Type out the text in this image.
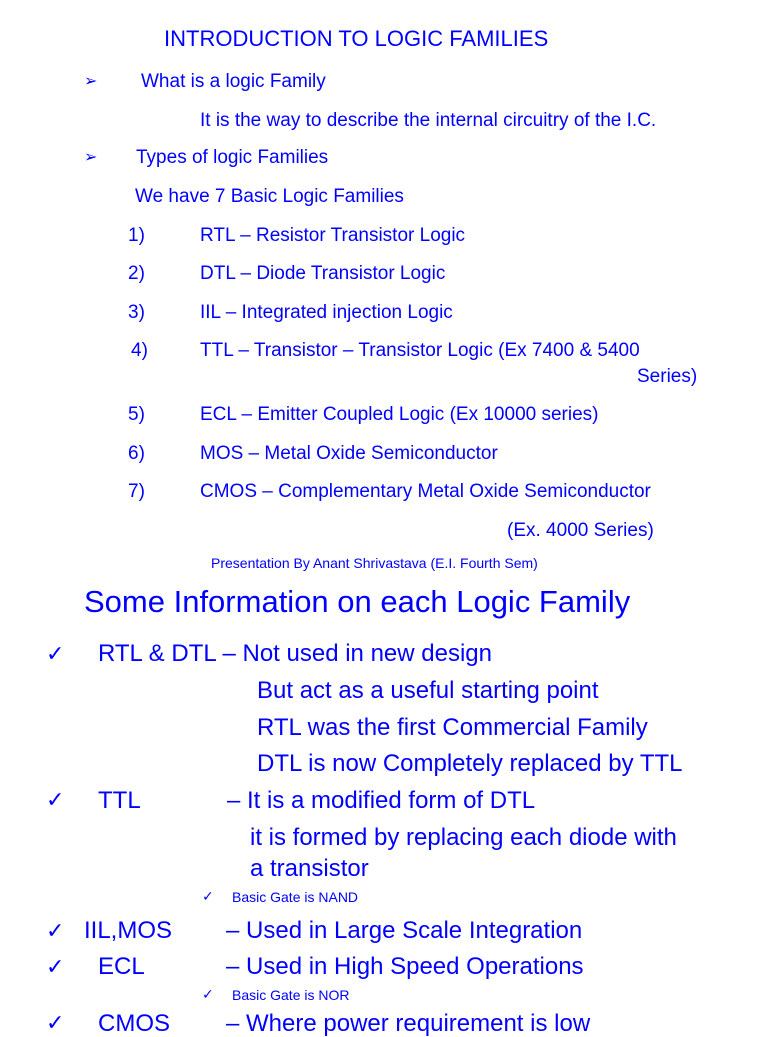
INTRODUCTION TO LOGIC FAMILIES
➢ What is a logic Family
It is the way to describe the internal circuitry of the I.C.
➢ Types of logic Families
We have 7 Basic Logic Families
1)	RTL – Resistor Transistor Logic
2)	DTL – Diode Transistor Logic
3)	IIL – Integrated injection Logic
4)	TTL – Transistor – Transistor Logic (Ex 7400 & 5400
Series)
5)	ECL – Emitter Coupled Logic (Ex 10000 series)
6)	MOS – Metal Oxide Semiconductor
7)	CMOS – Complementary Metal Oxide Semiconductor
(Ex. 4000 Series)
Presentation By Anant Shrivastava (E.I. Fourth Sem)
Some Information on each Logic Family
✓ RTL & DTL – Not used in new design
But act as a useful starting point
RTL was the first Commercial Family
DTL is now Completely replaced by TTL
✓ TTL	– It is a modified form of DTL
it is formed by replacing each diode with
a transistor
✓ Basic Gate is NAND
✓ IIL,MOS – Used in Large Scale Integration
✓ ECL	– Used in High Speed Operations
✓ Basic Gate is NOR
✓ CMOS – Where power requirement is low
